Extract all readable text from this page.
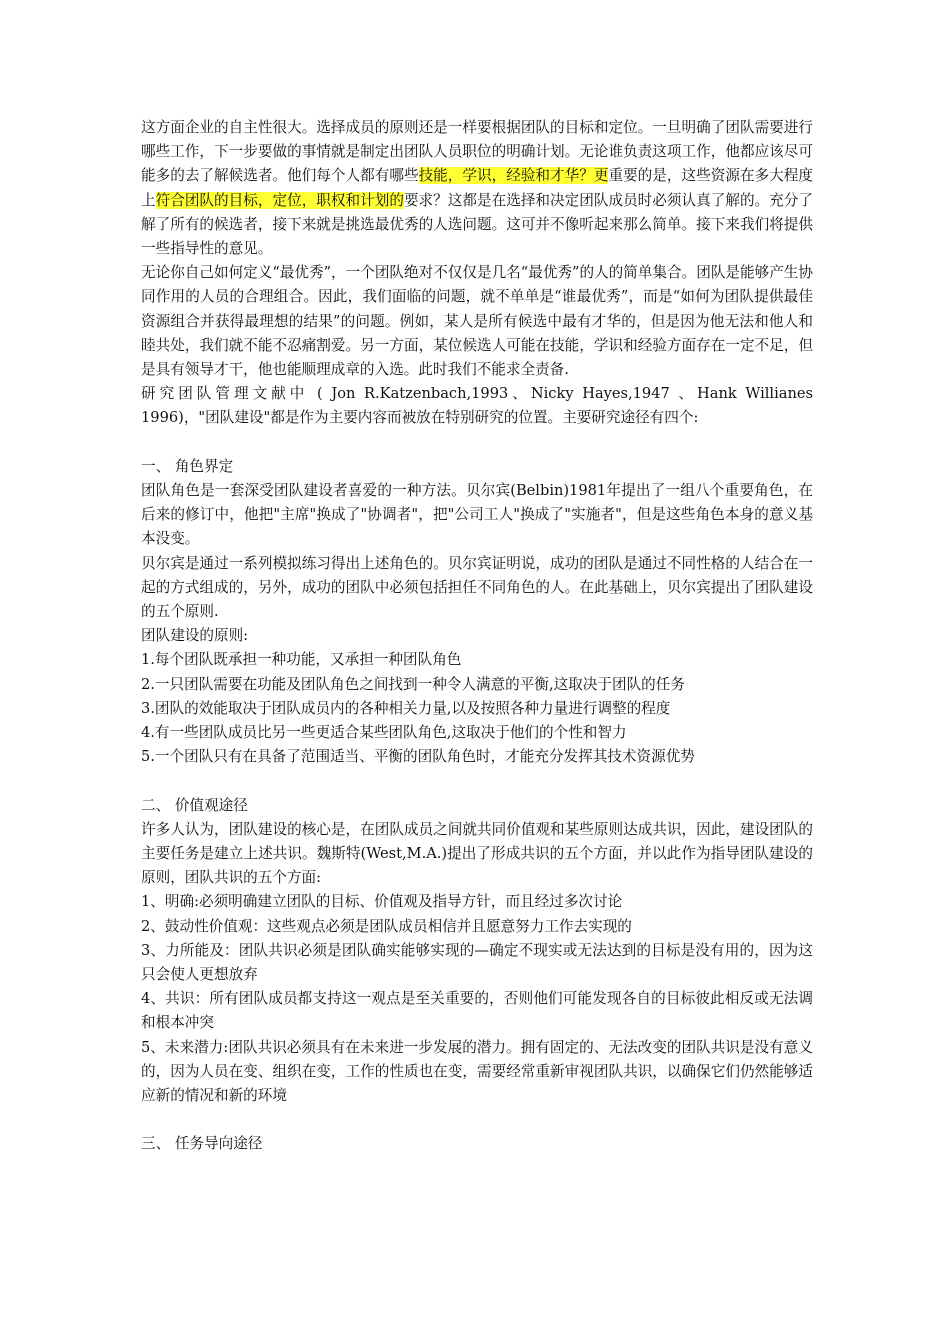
这方面企业的自主性很大。选择成员的原则还是一样要根据团队的目标和定位。一旦明确了团队需要进行哪些工作，下一步要做的事情就是制定出团队人员职位的明确计划。无论谁负责这项工作，他都应该尽可能多的去了解候选者。他们每个人都有哪些技能，学识，经验和才华？更重要的是，这些资源在多大程度上符合团队的目标，定位，职权和计划的要求？这都是在选择和决定团队成员时必须认真了解的。充分了解了所有的候选者，接下来就是挑选最优秀的人选问题。这可并不像听起来那么简单。接下来我们将提供一些指导性的意见。

无论你自己如何定义“最优秀”，一个团队绝对不仅仅是几名“最优秀”的人的简单集合。团队是能够产生协同作用的人员的合理组合。因此，我们面临的问题，就不单单是“谁最优秀”，而是“如何为团队提供最佳资源组合并获得最理想的结果”的问题。例如，某人是所有候选中最有才华的，但是因为他无法和他人和睦共处，我们就不能不忍痛割爱。另一方面，某位候选人可能在技能，学识和经验方面存在一定不足，但是具有领导才干，他也能顺理成章的入选。此时我们不能求全责备.

研究团队管理文献中 ( Jon R.Katzenbach,1993、Nicky Hayes,1947 、Hank Willianes 1996)，"团队建设"都是作为主要内容而被放在特别研究的位置。主要研究途径有四个:

一、 角色界定

团队角色是一套深受团队建设者喜爱的一种方法。贝尔宾(Belbin)1981年提出了一组八个重要角色，在后来的修订中，他把"主席"换成了"协调者"，把"公司工人"换成了"实施者"，但是这些角色本身的意义基本没变。

贝尔宾是通过一系列模拟练习得出上述角色的。贝尔宾证明说，成功的团队是通过不同性格的人结合在一起的方式组成的，另外，成功的团队中必须包括担任不同角色的人。在此基础上，贝尔宾提出了团队建设的五个原则.

团队建设的原则:

1.每个团队既承担一种功能，又承担一种团队角色

2.一只团队需要在功能及团队角色之间找到一种令人满意的平衡,这取决于团队的任务

3.团队的效能取决于团队成员内的各种相关力量,以及按照各种力量进行调整的程度

4.有一些团队成员比另一些更适合某些团队角色,这取决于他们的个性和智力

5.一个团队只有在具备了范围适当、平衡的团队角色时，才能充分发挥其技术资源优势

二、 价值观途径

许多人认为，团队建设的核心是，在团队成员之间就共同价值观和某些原则达成共识，因此，建设团队的主要任务是建立上述共识。魏斯特(West,M.A.)提出了形成共识的五个方面，并以此作为指导团队建设的原则，团队共识的五个方面:

1、明确:必须明确建立团队的目标、价值观及指导方针，而且经过多次讨论

2、鼓动性价值观：这些观点必须是团队成员相信并且愿意努力工作去实现的

3、力所能及：团队共识必须是团队确实能够实现的—确定不现实或无法达到的目标是没有用的，因为这只会使人更想放弃

4、共识：所有团队成员都支持这一观点是至关重要的，否则他们可能发现各自的目标彼此相反或无法调和根本冲突

5、未来潜力:团队共识必须具有在未来进一步发展的潜力。拥有固定的、无法改变的团队共识是没有意义的，因为人员在变、组织在变，工作的性质也在变，需要经常重新审视团队共识，以确保它们仍然能够适应新的情况和新的环境

三、 任务导向途径
